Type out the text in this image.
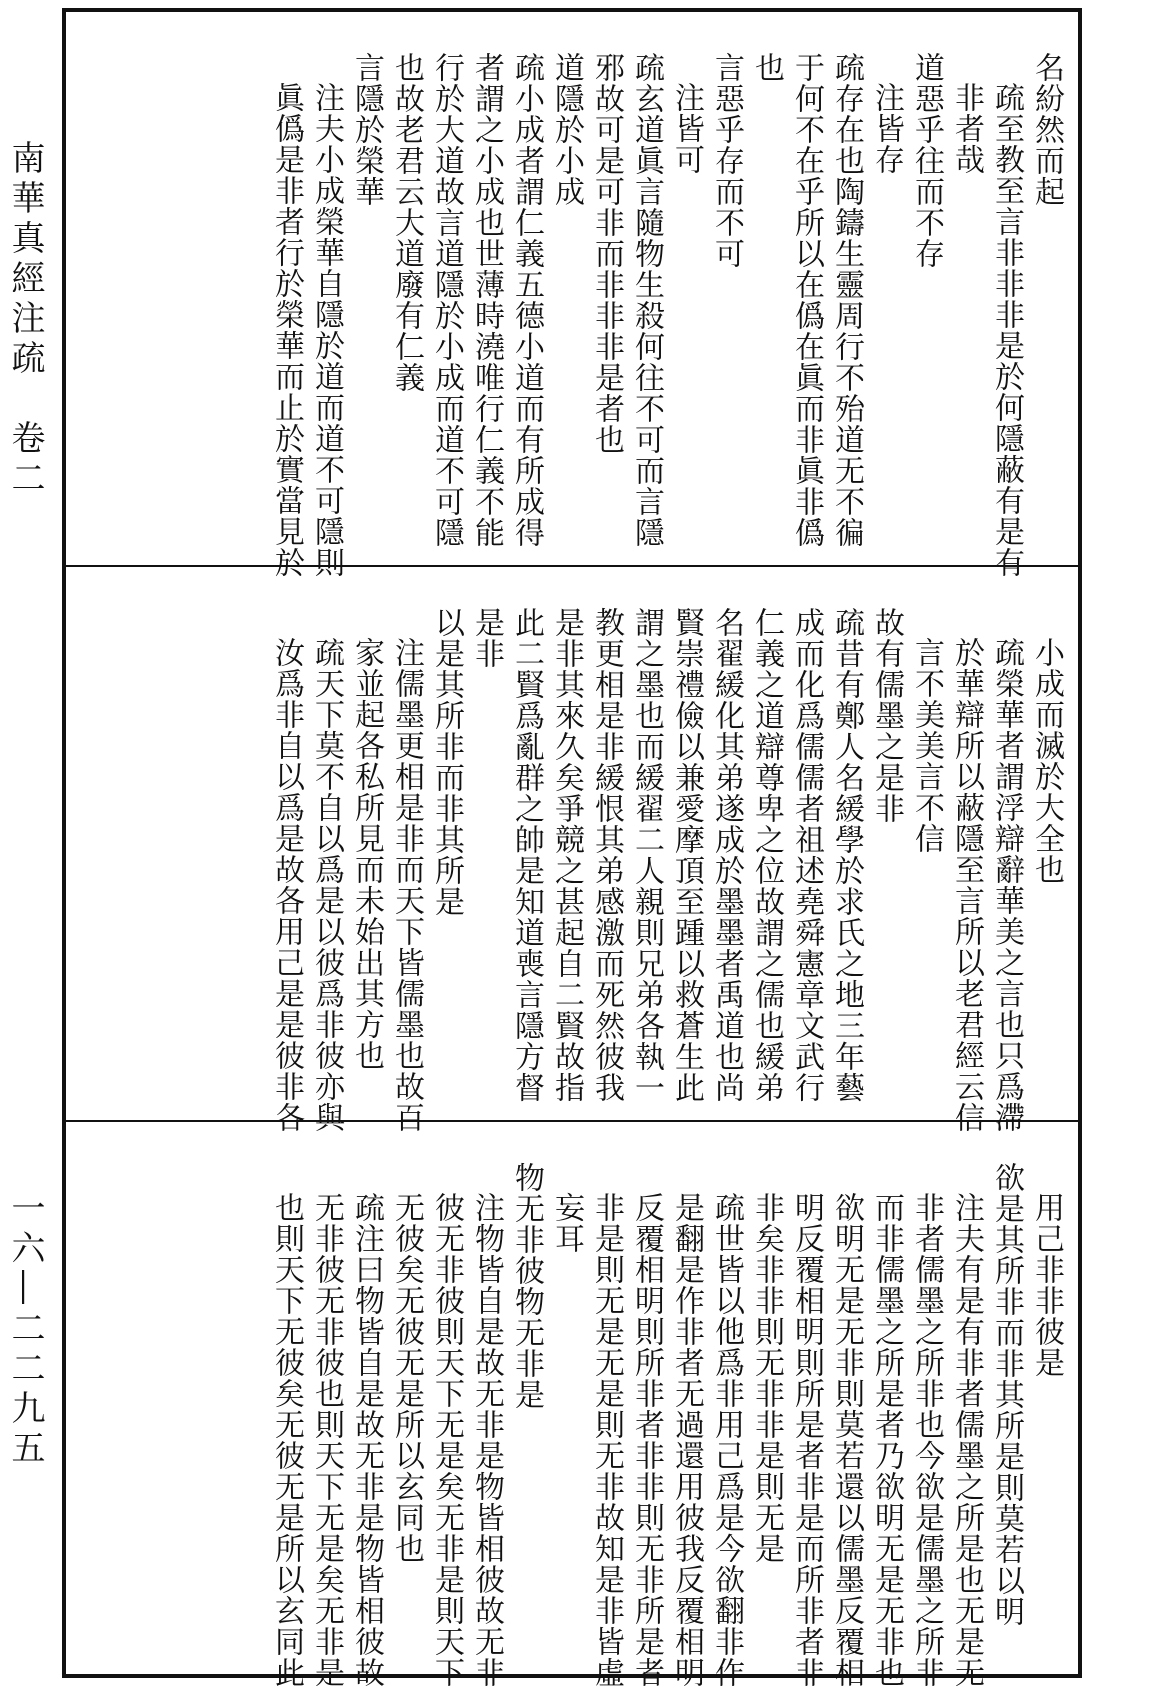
南華真經注疏　卷二
一六―二二九五
名紛然而起
疏至教至言非非非是於何隱蔽有是有
非者哉
道惡乎往而不存
注皆存
疏存在也陶鑄生靈周行不殆道无不徧
于何不在乎所以在僞在眞而非眞非僞
也
言惡乎存而不可
注皆可
疏玄道眞言隨物生殺何往不可而言隱
邪故可是可非而非非非是者也
道隱於小成
疏小成者謂仁義五德小道而有所成得
者謂之小成也世薄時澆唯行仁義不能
行於大道故言道隱於小成而道不可隱
也故老君云大道廢有仁義
言隱於榮華
注夫小成榮華自隱於道而道不可隱則
眞僞是非者行於榮華而止於實當見於
小成而滅於大全也
疏榮華者謂浮辯辭華美之言也只爲滯
於華辯所以蔽隱至言所以老君經云信
言不美美言不信
故有儒墨之是非
疏昔有鄭人名緩學於求氏之地三年藝
成而化爲儒儒者祖述堯舜憲章文武行
仁義之道辯尊卑之位故謂之儒也緩弟
名翟緩化其弟遂成於墨墨者禹道也尚
賢崇禮儉以兼愛摩頂至踵以救蒼生此
謂之墨也而緩翟二人親則兄弟各執一
教更相是非緩恨其弟感激而死然彼我
是非其來久矣爭競之甚起自二賢故指
此二賢爲亂群之帥是知道喪言隱方督
是非
以是其所非而非其所是
注儒墨更相是非而天下皆儒墨也故百
家並起各私所見而未始出其方也
疏天下莫不自以爲是以彼爲非彼亦與
汝爲非自以爲是故各用己是是彼非各
用己非非彼是
欲是其所非而非其所是則莫若以明
注夫有是有非者儒墨之所是也无是无
非者儒墨之所非也今欲是儒墨之所非
而非儒墨之所是者乃欲明无是无非也
欲明无是无非則莫若還以儒墨反覆相
明反覆相明則所是者非是而所非者非
非矣非非則无非非是則无是
疏世皆以他爲非用己爲是今欲翻非作
是翻是作非者无過還用彼我反覆相明
反覆相明則所非者非非則无非所是者
非是則无是无是則无非故知是非皆虛
妄耳
物无非彼物无非是
注物皆自是故无非是物皆相彼故无非
彼无非彼則天下无是矣无非是則天下
无彼矣无彼无是所以玄同也
疏注曰物皆自是故无非是物皆相彼故
无非彼无非彼也則天下无是矣无非是
也則天下无彼矣无彼无是所以玄同此
